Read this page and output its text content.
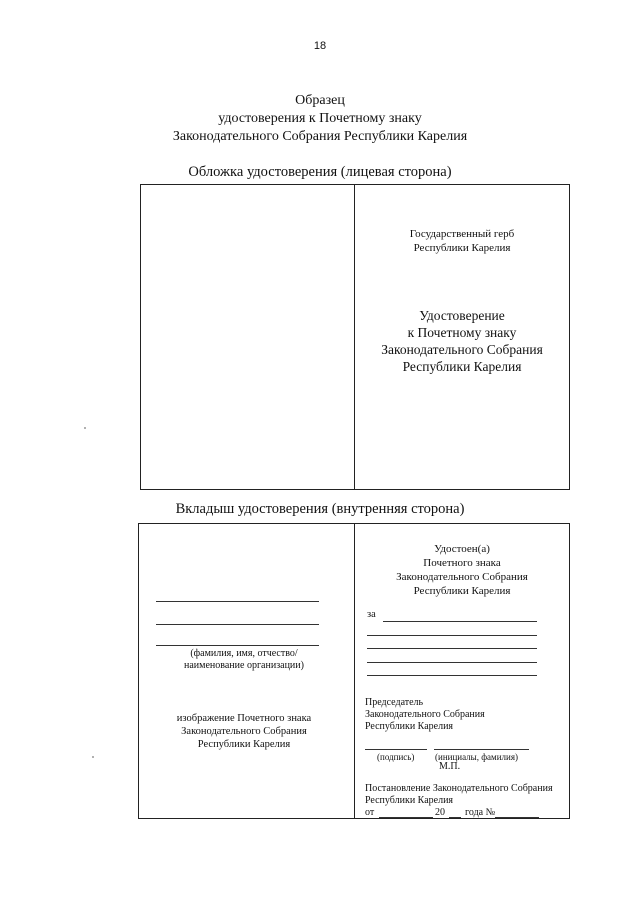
18
Образец
удостоверения к Почетному знаку
Законодательного Собрания Республики Карелия
Обложка удостоверения (лицевая сторона)
Государственный герб
Республики Карелия
Удостоверение
к Почетному знаку
Законодательного Собрания
Республики Карелия
Вкладыш удостоверения (внутренняя сторона)
(фамилия, имя, отчество/
наименование организации)
изображение Почетного знака
Законодательного Собрания
Республики Карелия
Удостоен(а)
Почетного знака
Законодательного Собрания
Республики Карелия
за
Председатель
Законодательного Собрания
Республики Карелия
(подпись) (инициалы, фамилия)
М.П.
Постановление Законодательного Собрания
Республики Карелия
от	20 года №
